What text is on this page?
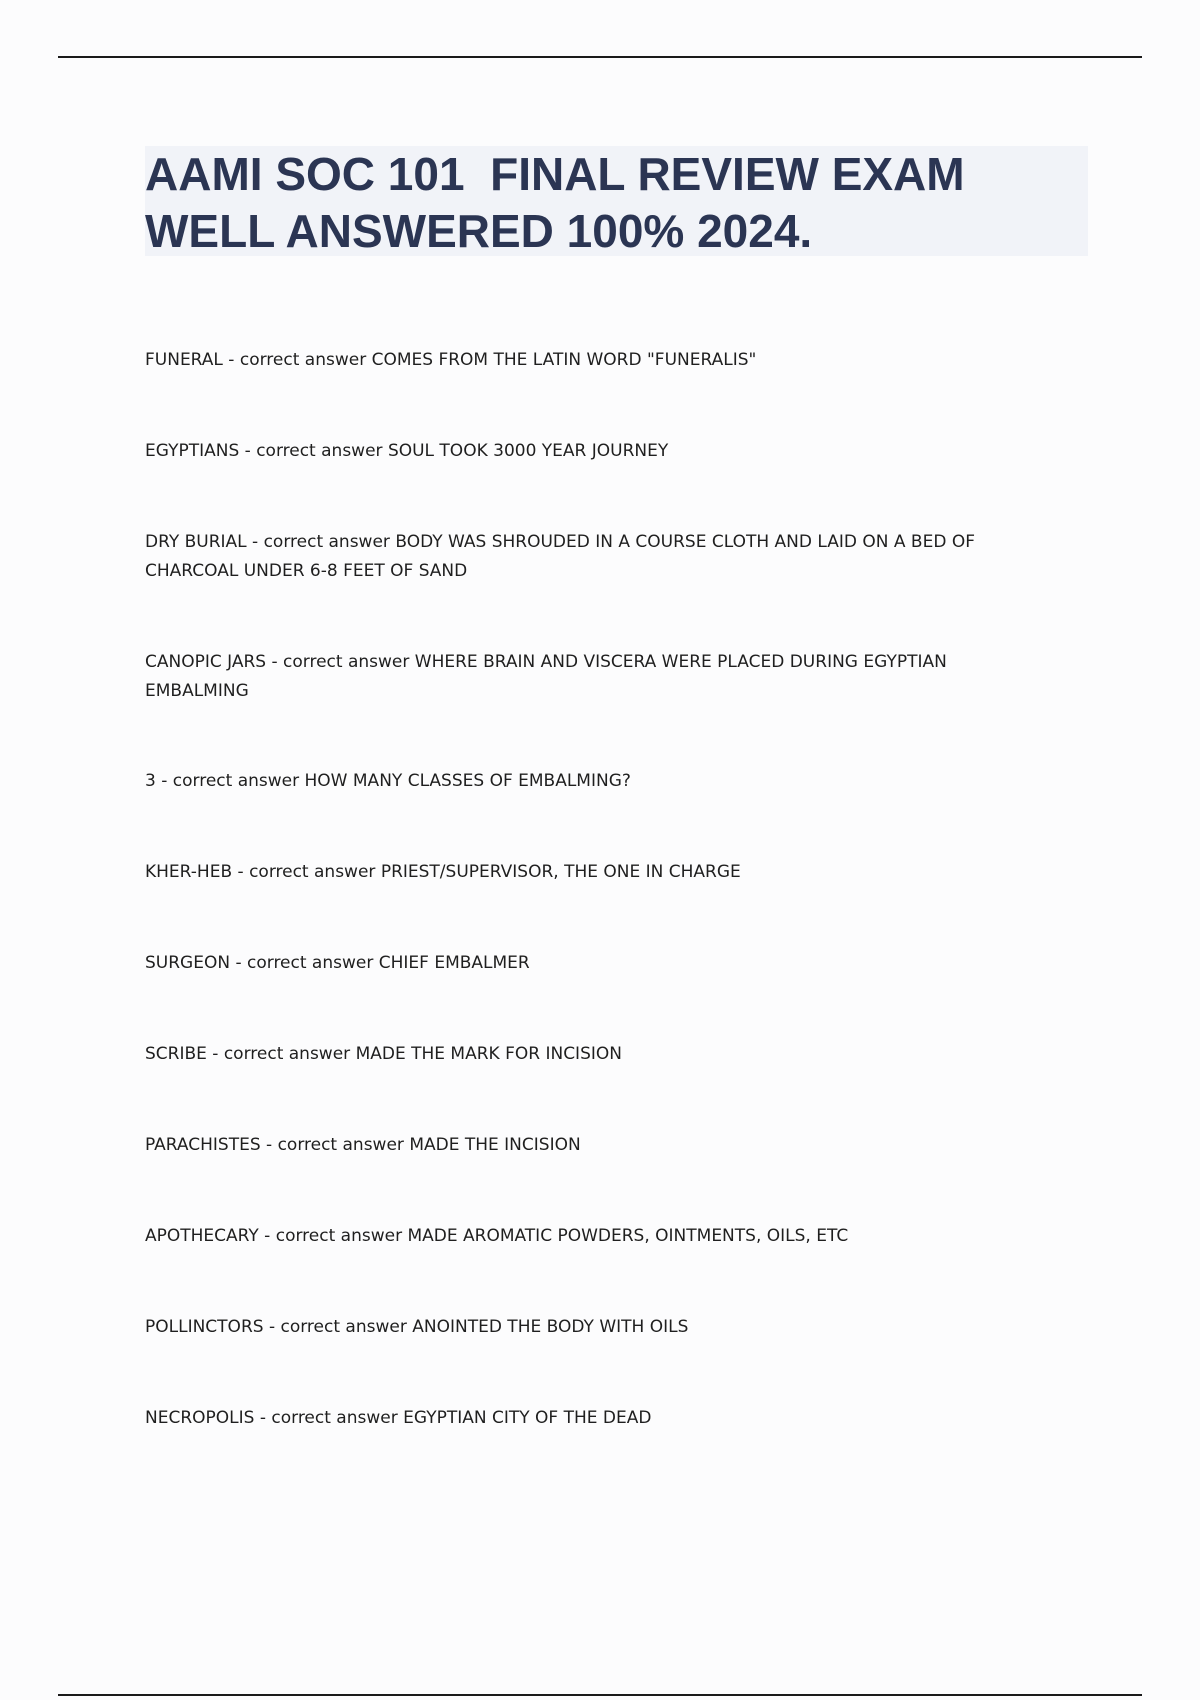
AAMI SOC 101  FINAL REVIEW EXAM WELL ANSWERED 100% 2024.

FUNERAL - correct answer COMES FROM THE LATIN WORD "FUNERALIS"

EGYPTIANS - correct answer SOUL TOOK 3000 YEAR JOURNEY

DRY BURIAL - correct answer BODY WAS SHROUDED IN A COURSE CLOTH AND LAID ON A BED OF CHARCOAL UNDER 6-8 FEET OF SAND

CANOPIC JARS - correct answer WHERE BRAIN AND VISCERA WERE PLACED DURING EGYPTIAN EMBALMING

3 - correct answer HOW MANY CLASSES OF EMBALMING?

KHER-HEB - correct answer PRIEST/SUPERVISOR, THE ONE IN CHARGE

SURGEON - correct answer CHIEF EMBALMER

SCRIBE - correct answer MADE THE MARK FOR INCISION

PARACHISTES - correct answer MADE THE INCISION

APOTHECARY - correct answer MADE AROMATIC POWDERS, OINTMENTS, OILS, ETC

POLLINCTORS - correct answer ANOINTED THE BODY WITH OILS

NECROPOLIS - correct answer EGYPTIAN CITY OF THE DEAD
